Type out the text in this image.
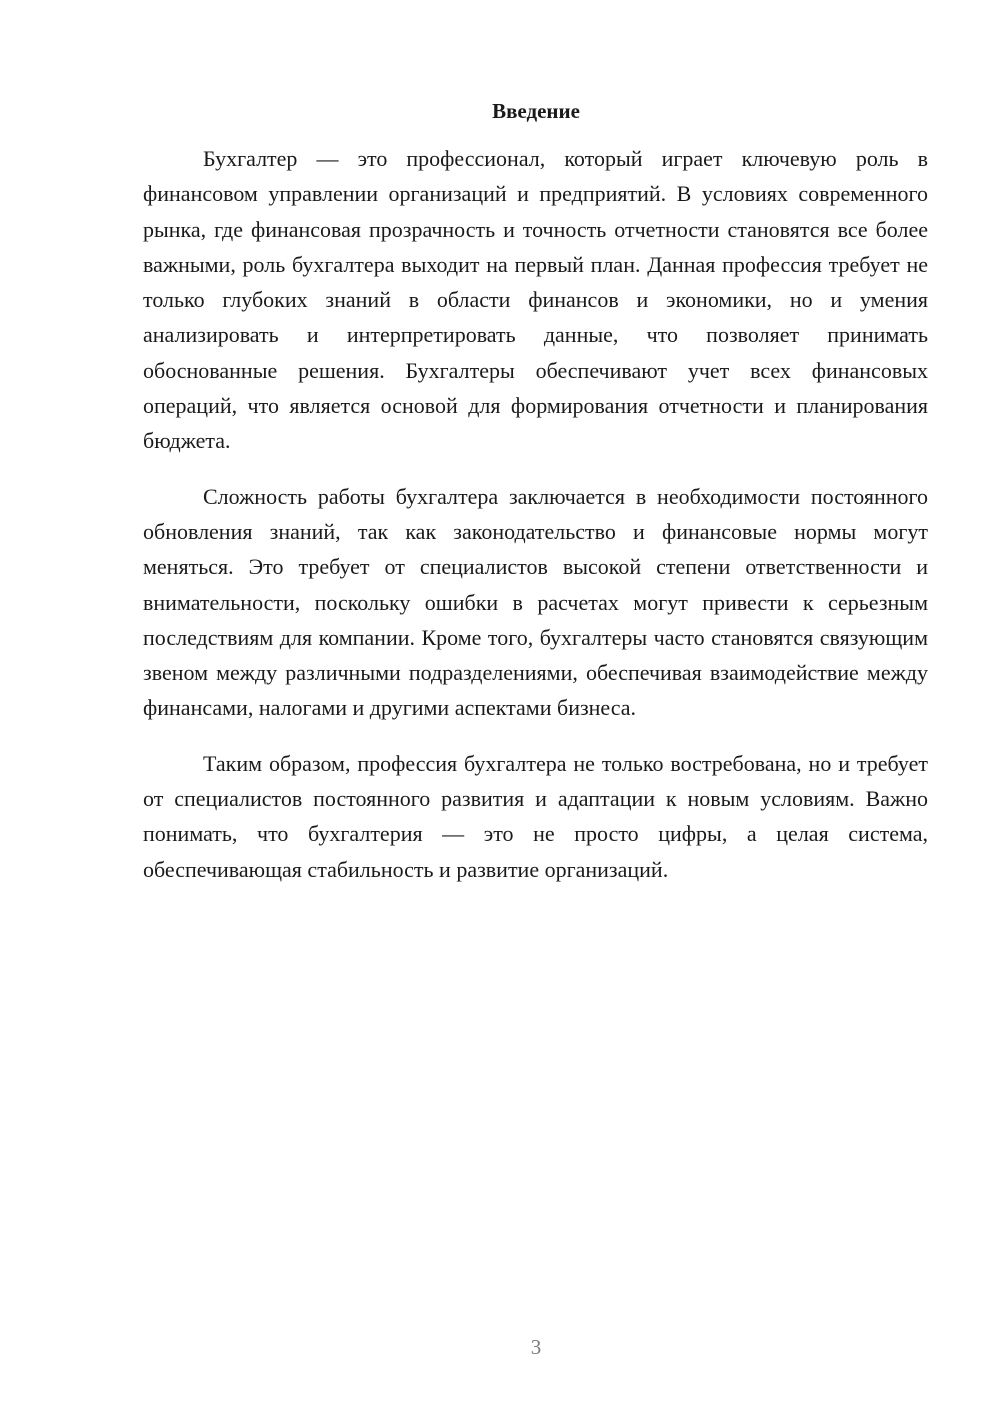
Введение

Бухгалтер — это профессионал, который играет ключевую роль в финансовом управлении организаций и предприятий. В условиях современного рынка, где финансовая прозрачность и точность отчетности становятся все более важными, роль бухгалтера выходит на первый план. Данная профессия требует не только глубоких знаний в области финансов и экономики, но и умения анализировать и интерпретировать данные, что позволяет принимать обоснованные решения. Бухгалтеры обеспечивают учет всех финансовых операций, что является основой для формирования отчетности и планирования бюджета.

Сложность работы бухгалтера заключается в необходимости постоянного обновления знаний, так как законодательство и финансовые нормы могут меняться. Это требует от специалистов высокой степени ответственности и внимательности, поскольку ошибки в расчетах могут привести к серьезным последствиям для компании. Кроме того, бухгалтеры часто становятся связующим звеном между различными подразделениями, обеспечивая взаимодействие между финансами, налогами и другими аспектами бизнеса.

Таким образом, профессия бухгалтера не только востребована, но и требует от специалистов постоянного развития и адаптации к новым условиям. Важно понимать, что бухгалтерия — это не просто цифры, а целая система, обеспечивающая стабильность и развитие организаций.

3
